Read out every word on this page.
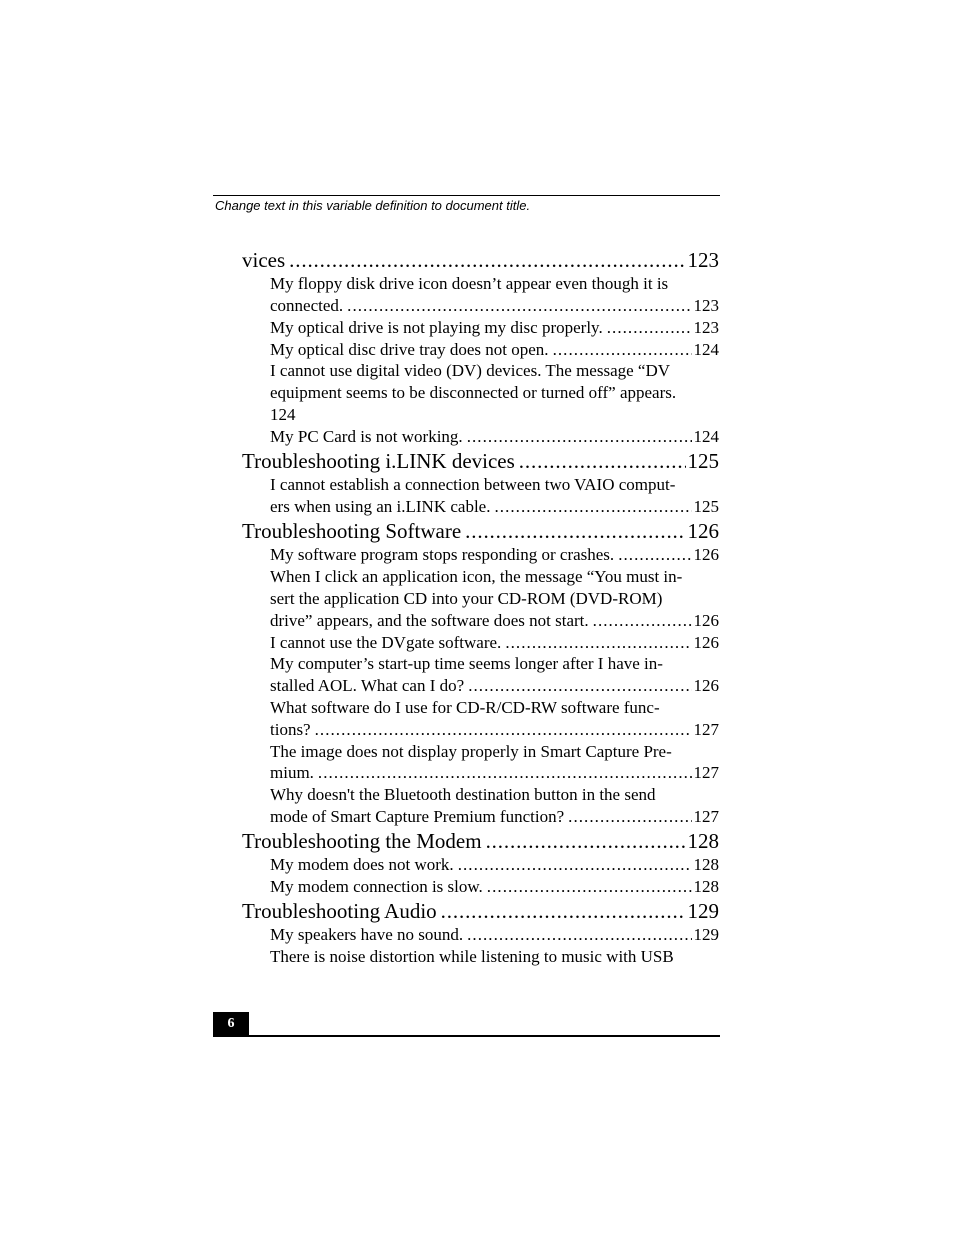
Change text in this variable definition to document title.
vices . . .	123
My floppy disk drive icon doesn’t appear even though it is
connected. . . .	123
My optical drive is not playing my disc properly. . . .	123
My optical disc drive tray does not open. . . .	124
I cannot use digital video (DV) devices. The message “DV
equipment seems to be disconnected or turned off” appears.
124
My PC Card is not working. . . .	124
Troubleshooting i.LINK devices . . .	125
I cannot establish a connection between two VAIO comput-
ers when using an i.LINK cable. . . .	125
Troubleshooting Software . . .	126
My software program stops responding or crashes. . . .	126
When I click an application icon, the message “You must in-
sert the application CD into your CD-ROM (DVD-ROM)
drive” appears, and the software does not start. . . .	126
I cannot use the DVgate software. . . .	126
My computer’s start-up time seems longer after I have in-
stalled AOL. What can I do? . . .	126
What software do I use for CD-R/CD-RW software func-
tions? . . .	127
The image does not display properly in Smart Capture Pre-
mium. . . .	127
Why doesn't the Bluetooth destination button in the send
mode of Smart Capture Premium function? . . .	127
Troubleshooting the Modem . . .	128
My modem does not work. . . .	128
My modem connection is slow. . . .	128
Troubleshooting Audio . . .	129
My speakers have no sound. . . .	129
There is noise distortion while listening to music with USB
6
